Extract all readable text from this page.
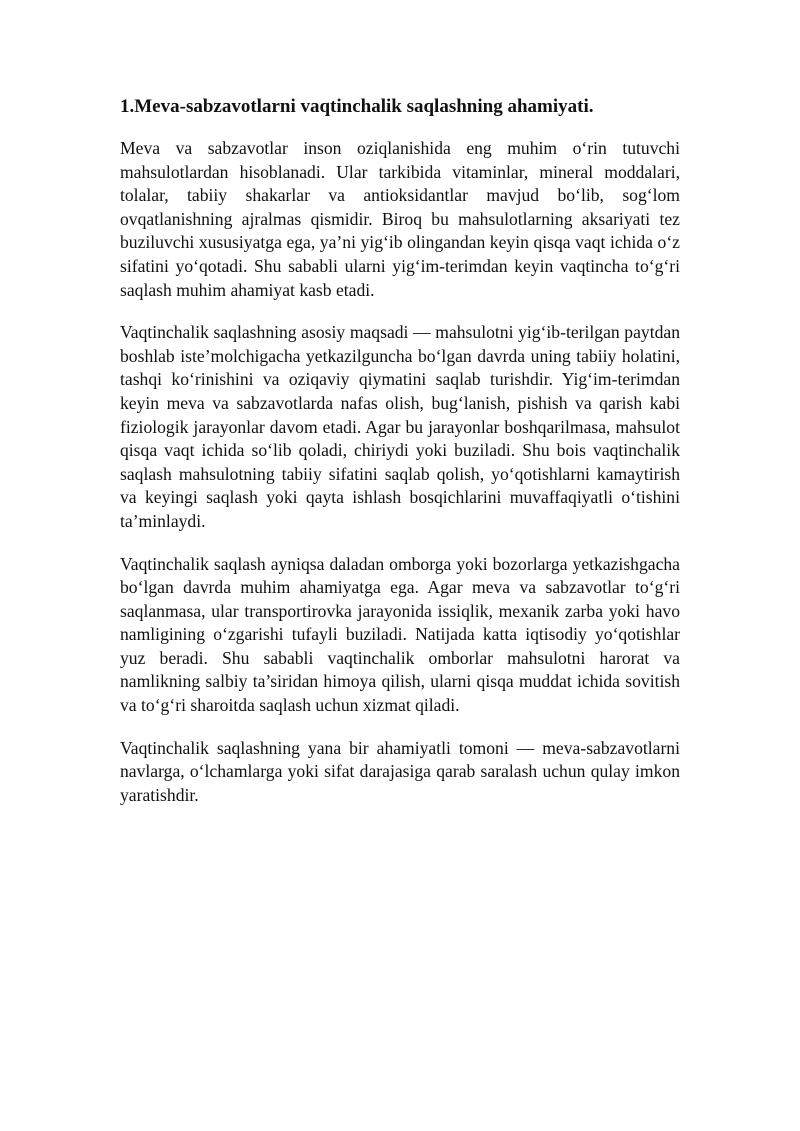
1.Meva-sabzavotlarni vaqtinchalik saqlashning ahamiyati.

Meva va sabzavotlar inson oziqlanishida eng muhim o‘rin tutuvchi mahsulotlardan hisoblanadi. Ular tarkibida vitaminlar, mineral moddalari, tolalar, tabiiy shakarlar va antioksidantlar mavjud bo‘lib, sog‘lom ovqatlanishning ajralmas qismidir. Biroq bu mahsulotlarning aksariyati tez buziluvchi xususiyatga ega, ya’ni yig‘ib olingandan keyin qisqa vaqt ichida o‘z sifatini yo‘qotadi. Shu sababli ularni yig‘im-terimdan keyin vaqtincha to‘g‘ri saqlash muhim ahamiyat kasb etadi.

Vaqtinchalik saqlashning asosiy maqsadi — mahsulotni yig‘ib-terilgan paytdan boshlab iste’molchigacha yetkazilguncha bo‘lgan davrda uning tabiiy holatini, tashqi ko‘rinishini va oziqaviy qiymatini saqlab turishdir. Yig‘im-terimdan keyin meva va sabzavotlarda nafas olish, bug‘lanish, pishish va qarish kabi fiziologik jarayonlar davom etadi. Agar bu jarayonlar boshqarilmasa, mahsulot qisqa vaqt ichida so‘lib qoladi, chiriydi yoki buziladi. Shu bois vaqtinchalik saqlash mahsulotning tabiiy sifatini saqlab qolish, yo‘qotishlarni kamaytirish va keyingi saqlash yoki qayta ishlash bosqichlarini muvaffaqiyatli o‘tishini ta’minlaydi.

Vaqtinchalik saqlash ayniqsa daladan omborga yoki bozorlarga yetkazishgacha bo‘lgan davrda muhim ahamiyatga ega. Agar meva va sabzavotlar to‘g‘ri saqlanmasa, ular transportirovka jarayonida issiqlik, mexanik zarba yoki havo namligining o‘zgarishi tufayli buziladi. Natijada katta iqtisodiy yo‘qotishlar yuz beradi. Shu sababli vaqtinchalik omborlar mahsulotni harorat va namlikning salbiy ta’siridan himoya qilish, ularni qisqa muddat ichida sovitish va to‘g‘ri sharoitda saqlash uchun xizmat qiladi.

Vaqtinchalik saqlashning yana bir ahamiyatli tomoni — meva-sabzavotlarni navlarga, o‘lchamlarga yoki sifat darajasiga qarab saralash uchun qulay imkon yaratishdir.
